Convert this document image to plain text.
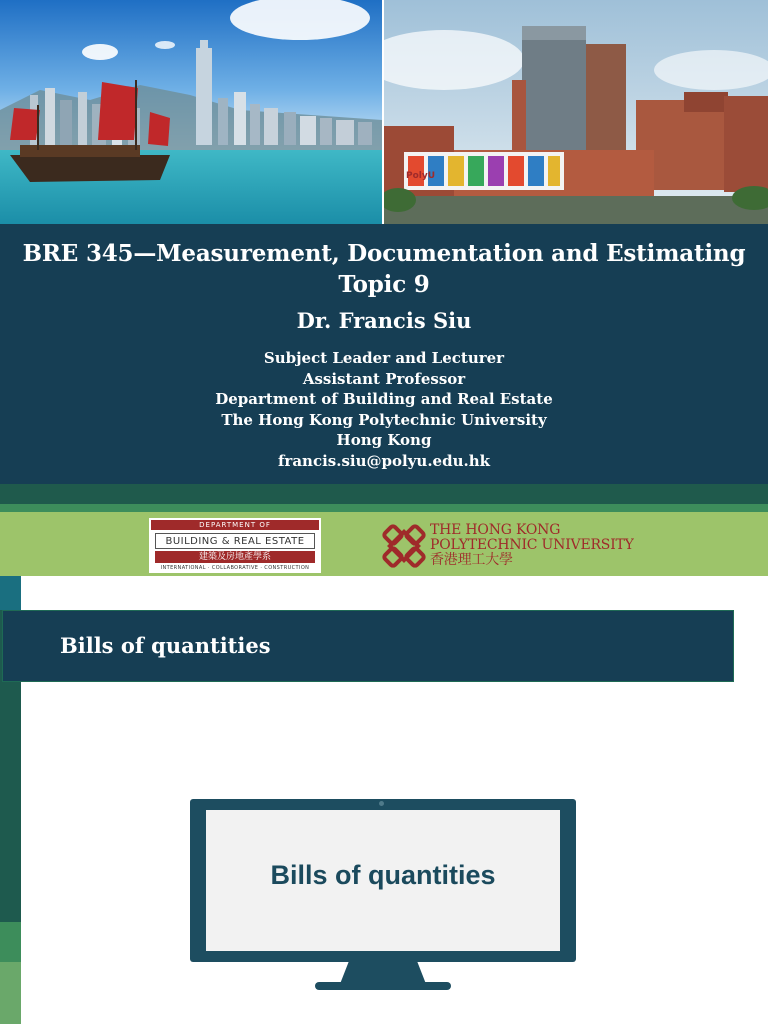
PolyU
BRE 345—Measurement, Documentation and Estimating
Topic 9
Dr. Francis Siu
Subject Leader and Lecturer
Assistant Professor
Department of Building and Real Estate
The Hong Kong Polytechnic University
Hong Kong
francis.siu@polyu.edu.hk
DEPARTMENT OF
BUILDING & REAL ESTATE
建築及房地產學系
INTERNATIONAL · COLLABORATIVE · CONSTRUCTION
THE HONG KONG
POLYTECHNIC UNIVERSITY
香港理工大學
Bills of quantities
Bills of quantities
